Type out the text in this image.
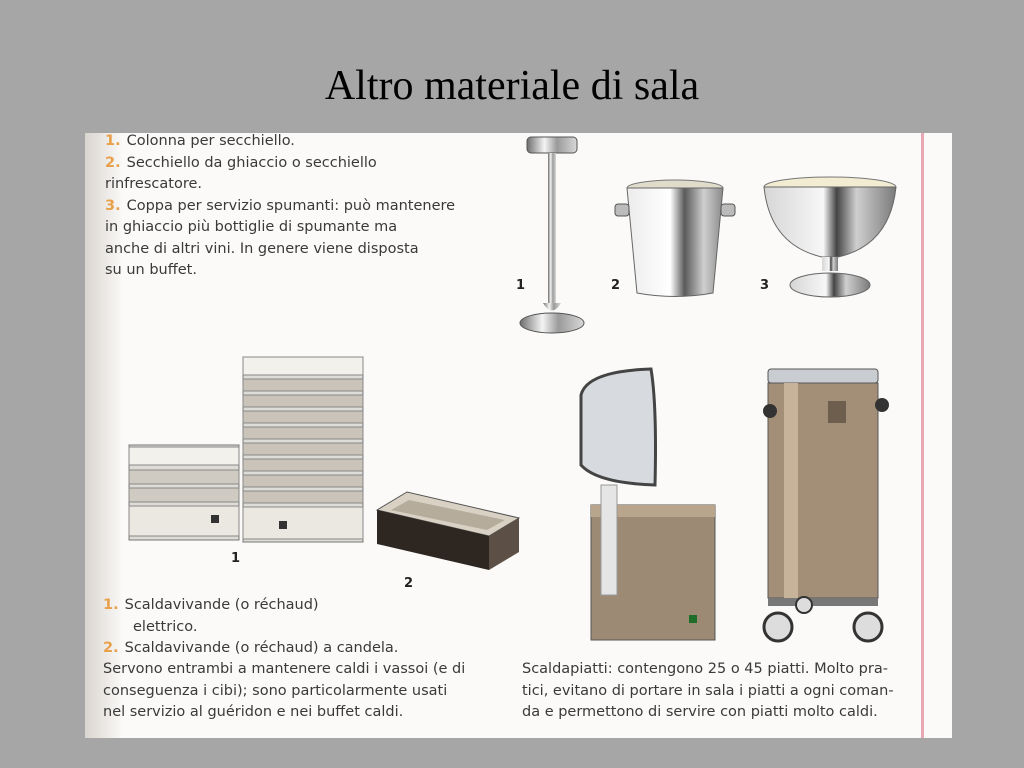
Altro materiale di sala
1. Colonna per secchiello.
2. Secchiello da ghiaccio o secchiello
rinfrescatore.
3. Coppa per servizio spumanti: può mantenere
in ghiaccio più bottiglie di spumante ma
anche di altri vini. In genere viene disposta
su un buffet.
1	2	3
1
2
1. Scaldavivande (o réchaud)
elettrico.
2. Scaldavivande (o réchaud) a candela.
Servono entrambi a mantenere caldi i vassoi (e di
conseguenza i cibi); sono particolarmente usati
nel servizio al guéridon e nei buffet caldi.
Scaldapiatti: contengono 25 o 45 piatti. Molto pra-
tici, evitano di portare in sala i piatti a ogni coman-
da e permettono di servire con piatti molto caldi.
